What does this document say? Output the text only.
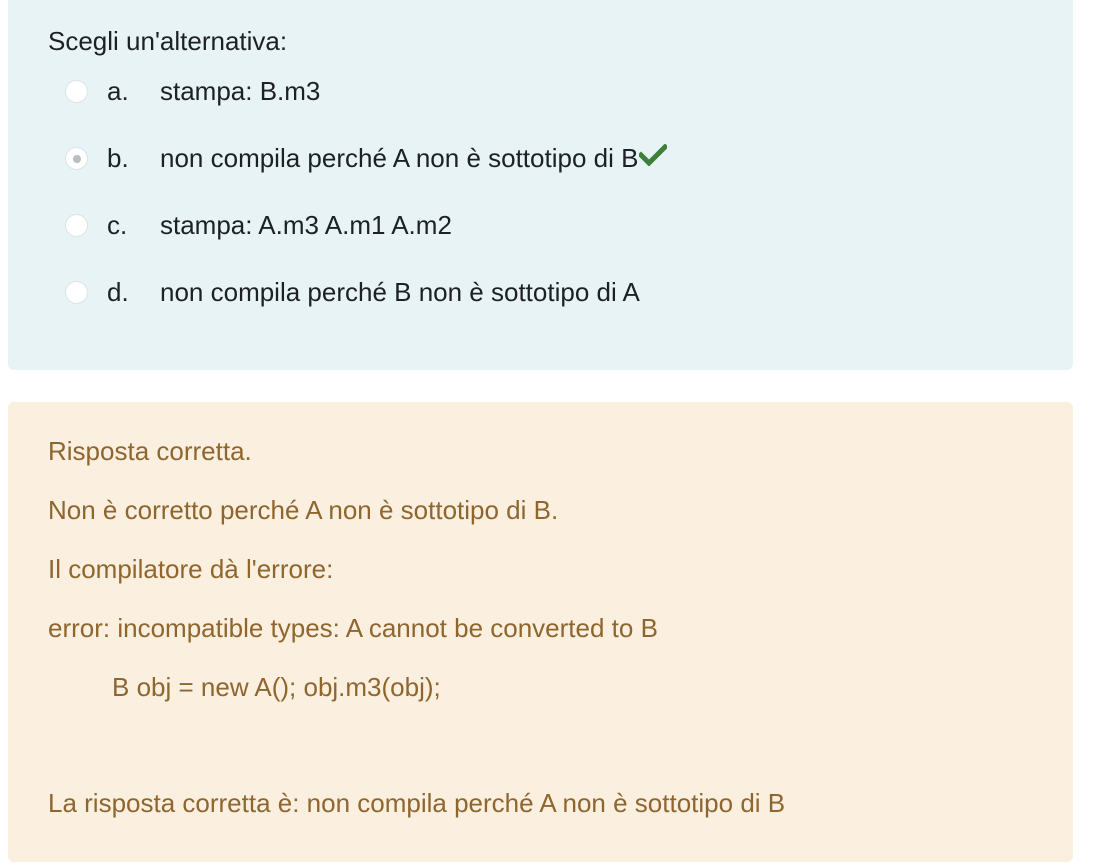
Scegli un'alternativa:
a. stampa: B.m3
b. non compila perché A non è sottotipo di B
c. stampa: A.m3 A.m1 A.m2
d. non compila perché B non è sottotipo di A
Risposta corretta.
Non è corretto perché A non è sottotipo di B.
Il compilatore dà l'errore:
error: incompatible types: A cannot be converted to B
B obj = new A(); obj.m3(obj);
La risposta corretta è: non compila perché A non è sottotipo di B
